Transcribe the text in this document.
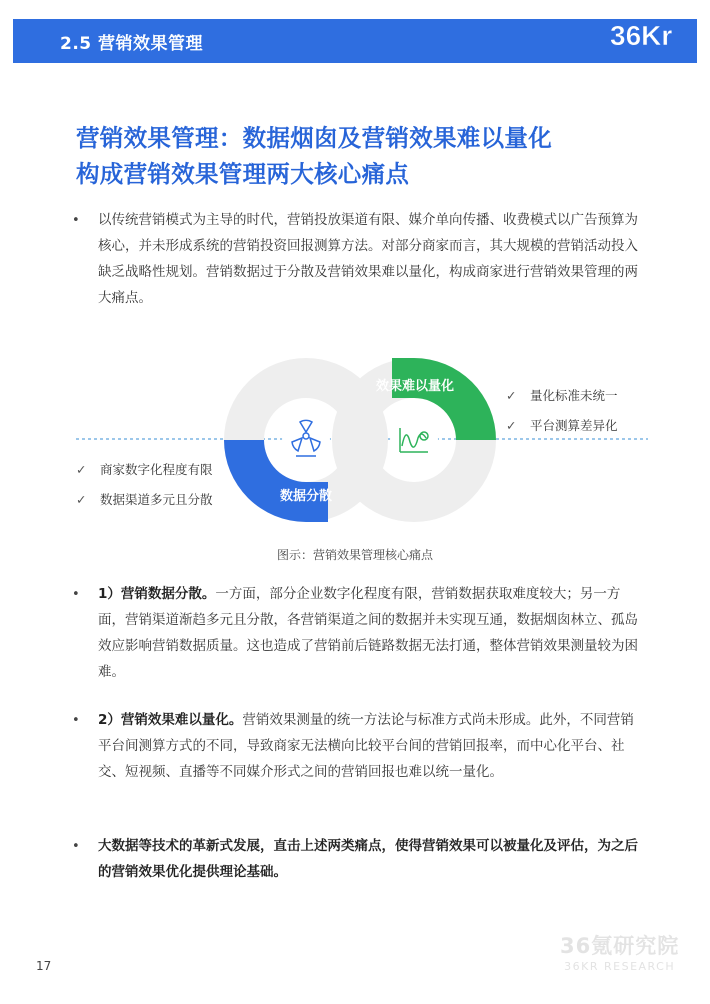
2.5 营销效果管理	36Kr
营销效果管理：数据烟囱及营销效果难以量化
构成营销效果管理两大核心痛点
• 以传统营销模式为主导的时代，营销投放渠道有限、媒介单向传播、收费模式以广告预算为核心，并未形成系统的营销投资回报测算方法。对部分商家而言，其大规模的营销活动投入缺乏战略性规划。营销数据过于分散及营销效果难以量化，构成商家进行营销效果管理的两大痛点。

数据分散
效果难以量化
✓ 商家数字化程度有限
✓ 数据渠道多元且分散
✓ 量化标准未统一
✓ 平台测算差异化
图示：营销效果管理核心痛点
• 1）营销数据分散。一方面，部分企业数字化程度有限，营销数据获取难度较大；另一方面，营销渠道渐趋多元且分散，各营销渠道之间的数据并未实现互通，数据烟囱林立、孤岛效应影响营销数据质量。这也造成了营销前后链路数据无法打通，整体营销效果测量较为困难。

• 2）营销效果难以量化。营销效果测量的统一方法论与标准方式尚未形成。此外，不同营销平台间测算方式的不同，导致商家无法横向比较平台间的营销回报率，而中心化平台、社交、短视频、直播等不同媒介形式之间的营销回报也难以统一量化。

• 大数据等技术的革新式发展，直击上述两类痛点，使得营销效果可以被量化及评估，为之后的营销效果优化提供理论基础。

36氪研究院
36KR RESEARCH
17
